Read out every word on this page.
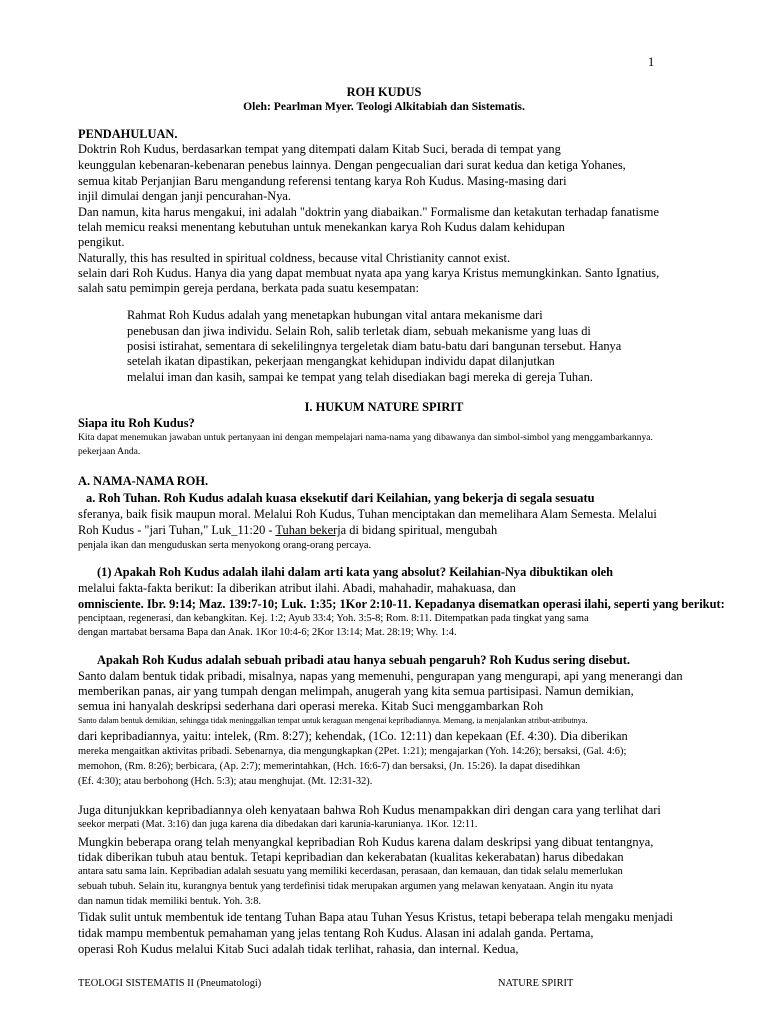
1
ROH KUDUS
Oleh: Pearlman Myer. Teologi Alkitabiah dan Sistematis.
PENDAHULUAN.
Doktrin Roh Kudus, berdasarkan tempat yang ditempati dalam Kitab Suci, berada di tempat yang
keunggulan kebenaran-kebenaran penebus lainnya. Dengan pengecualian dari surat kedua dan ketiga Yohanes,
semua kitab Perjanjian Baru mengandung referensi tentang karya Roh Kudus. Masing-masing dari
injil dimulai dengan janji pencurahan-Nya.
Dan namun, kita harus mengakui, ini adalah "doktrin yang diabaikan." Formalisme dan ketakutan terhadap fanatisme
telah memicu reaksi menentang kebutuhan untuk menekankan karya Roh Kudus dalam kehidupan
pengikut.
Naturally, this has resulted in spiritual coldness, because vital Christianity cannot exist.
selain dari Roh Kudus. Hanya dia yang dapat membuat nyata apa yang karya Kristus memungkinkan. Santo Ignatius,
salah satu pemimpin gereja perdana, berkata pada suatu kesempatan:
Rahmat Roh Kudus adalah yang menetapkan hubungan vital antara mekanisme dari
penebusan dan jiwa individu. Selain Roh, salib terletak diam, sebuah mekanisme yang luas di
posisi istirahat, sementara di sekelilingnya tergeletak diam batu-batu dari bangunan tersebut. Hanya
setelah ikatan dipastikan, pekerjaan mengangkat kehidupan individu dapat dilanjutkan
melalui iman dan kasih, sampai ke tempat yang telah disediakan bagi mereka di gereja Tuhan.
I. HUKUM NATURE SPIRIT
Siapa itu Roh Kudus?
Kita dapat menemukan jawaban untuk pertanyaan ini dengan mempelajari nama-nama yang dibawanya dan simbol-simbol yang menggambarkannya.
pekerjaan Anda.
A. NAMA-NAMA ROH.
a. Roh Tuhan. Roh Kudus adalah kuasa eksekutif dari Keilahian, yang bekerja di segala sesuatu
sferanya, baik fisik maupun moral. Melalui Roh Kudus, Tuhan menciptakan dan memelihara Alam Semesta. Melalui
Roh Kudus - "jari Tuhan," Luk_11:20 - Tuhan bekerja di bidang spiritual, mengubah
penjala ikan dan menguduskan serta menyokong orang-orang percaya.
(1) Apakah Roh Kudus adalah ilahi dalam arti kata yang absolut? Keilahian-Nya dibuktikan oleh
melalui fakta-fakta berikut: Ia diberikan atribut ilahi. Abadi, mahahadir, mahakuasa, dan
omnisciente. Ibr. 9:14; Maz. 139:7-10; Luk. 1:35; 1Kor 2:10-11. Kepadanya disematkan operasi ilahi, seperti yang berikut:
penciptaan, regenerasi, dan kebangkitan. Kej. 1:2; Ayub 33:4; Yoh. 3:5-8; Rom. 8:11. Ditempatkan pada tingkat yang sama
dengan martabat bersama Bapa dan Anak. 1Kor 10:4-6; 2Kor 13:14; Mat. 28:19; Why. 1:4.
Apakah Roh Kudus adalah sebuah pribadi atau hanya sebuah pengaruh? Roh Kudus sering disebut.
Santo dalam bentuk tidak pribadi, misalnya, napas yang memenuhi, pengurapan yang mengurapi, api yang menerangi dan
memberikan panas, air yang tumpah dengan melimpah, anugerah yang kita semua partisipasi. Namun demikian,
semua ini hanyalah deskripsi sederhana dari operasi mereka. Kitab Suci menggambarkan Roh
Santo dalam bentuk demikian, sehingga tidak meninggalkan tempat untuk keraguan mengenai kepribadiannya. Memang, ia menjalankan atribut-atributnya.
dari kepribadiannya, yaitu: intelek, (Rm. 8:27); kehendak, (1Co. 12:11) dan kepekaan (Ef. 4:30). Dia diberikan
mereka mengaitkan aktivitas pribadi. Sebenarnya, dia mengungkapkan (2Pet. 1:21); mengajarkan (Yoh. 14:26); bersaksi, (Gal. 4:6);
memohon, (Rm. 8:26); berbicara, (Ap. 2:7); memerintahkan, (Hch. 16:6-7) dan bersaksi, (Jn. 15:26). Ia dapat disedihkan
(Ef. 4:30); atau berbohong (Hch. 5:3); atau menghujat. (Mt. 12:31-32).
Juga ditunjukkan kepribadiannya oleh kenyataan bahwa Roh Kudus menampakkan diri dengan cara yang terlihat dari
seekor merpati (Mat. 3:16) dan juga karena dia dibedakan dari karunia-karunianya. 1Kor. 12:11.
Mungkin beberapa orang telah menyangkal kepribadian Roh Kudus karena dalam deskripsi yang dibuat tentangnya,
tidak diberikan tubuh atau bentuk. Tetapi kepribadian dan kekerabatan (kualitas kekerabatan) harus dibedakan
antara satu sama lain. Kepribadian adalah sesuatu yang memiliki kecerdasan, perasaan, dan kemauan, dan tidak selalu memerlukan
sebuah tubuh. Selain itu, kurangnya bentuk yang terdefinisi tidak merupakan argumen yang melawan kenyataan. Angin itu nyata
dan namun tidak memiliki bentuk. Yoh. 3:8.
Tidak sulit untuk membentuk ide tentang Tuhan Bapa atau Tuhan Yesus Kristus, tetapi beberapa telah mengaku menjadi
tidak mampu membentuk pemahaman yang jelas tentang Roh Kudus. Alasan ini adalah ganda. Pertama,
operasi Roh Kudus melalui Kitab Suci adalah tidak terlihat, rahasia, dan internal. Kedua,
TEOLOGI SISTEMATIS II (Pneumatologi)	NATURE SPIRIT
